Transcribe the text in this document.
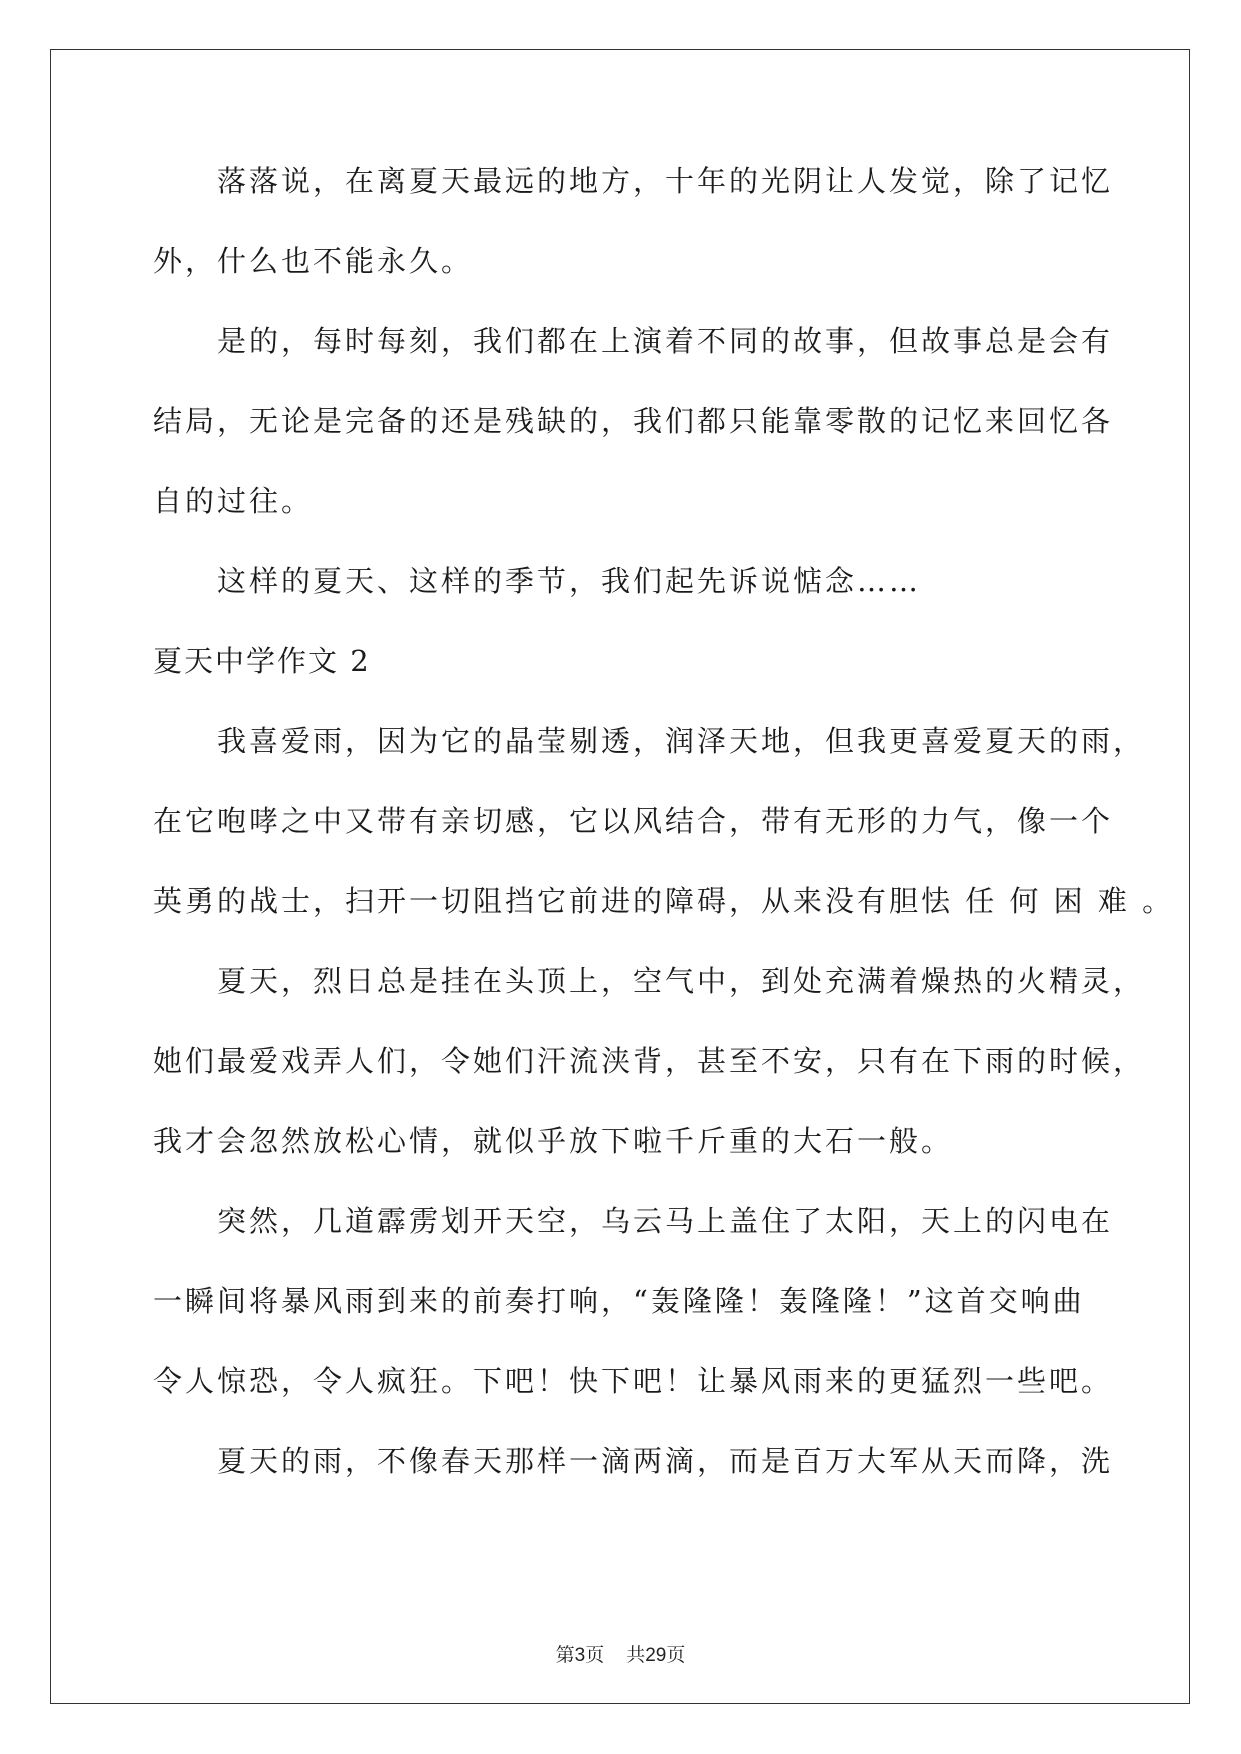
　　落落说，在离夏天最远的地方，十年的光阴让人发觉，除了记忆
外，什么也不能永久。
　　是的，每时每刻，我们都在上演着不同的故事，但故事总是会有
结局，无论是完备的还是残缺的，我们都只能靠零散的记忆来回忆各
自的过往。
　　这样的夏天、这样的季节，我们起先诉说惦念……
夏天中学作文 2
　　我喜爱雨，因为它的晶莹剔透，润泽天地，但我更喜爱夏天的雨，
在它咆哮之中又带有亲切感，它以风结合，带有无形的力气，像一个
英勇的战士，扫开一切阻挡它前进的障碍，从来没有胆怯 任 何 困 难 。
　　夏天，烈日总是挂在头顶上，空气中，到处充满着燥热的火精灵，
她们最爱戏弄人们，令她们汗流浃背，甚至不安，只有在下雨的时候，
我才会忽然放松心情，就似乎放下啦千斤重的大石一般。
　　突然，几道霹雳划开天空，乌云马上盖住了太阳，天上的闪电在
一瞬间将暴风雨到来的前奏打响，“轰隆隆！轰隆隆！”这首交响曲
令人惊恐，令人疯狂。下吧！快下吧！让暴风雨来的更猛烈一些吧。
　　夏天的雨，不像春天那样一滴两滴，而是百万大军从天而降，洗
第3页 共29页
